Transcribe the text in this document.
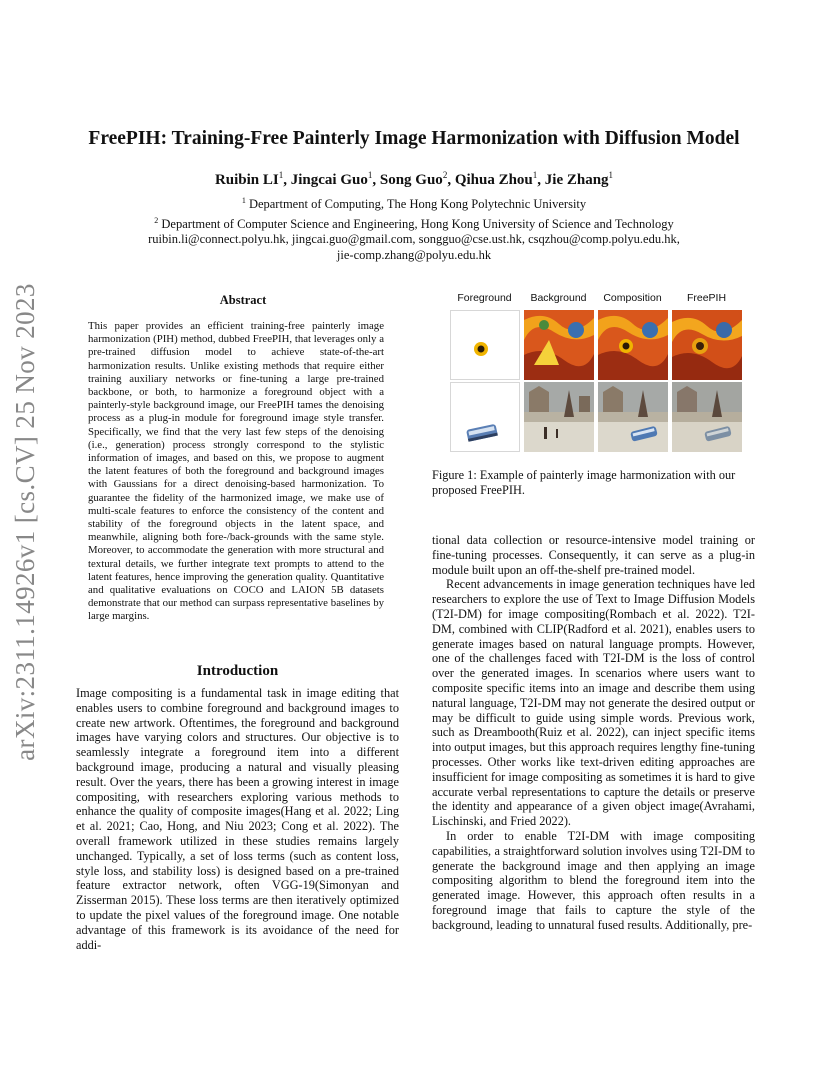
arXiv:2311.14926v1 [cs.CV] 25 Nov 2023
FreePIH: Training-Free Painterly Image Harmonization with Diffusion Model
Ruibin $LI^1$, Jingcai Guo$^1$, Song Guo$^2$, Qihua Zhou$^1$, Jie Zhang$^1$
$^1$ Department of Computing, The Hong Kong Polytechnic University
$^2$ Department of Computer Science and Engineering, Hong Kong University of Science and Technology
ruibin.li@connect.polyu.hk, jingcai.guo@gmail.com, songguo@cse.ust.hk, csqzhou@comp.polyu.edu.hk,
jie-comp.zhang@polyu.edu.hk
Abstract
This paper provides an efficient training-free painterly image harmonization (PIH) method, dubbed FreePIH, that leverages only a pre-trained diffusion model to achieve state-of-the-art harmonization results. Unlike existing methods that require either training auxiliary networks or fine-tuning a large pre-trained backbone, or both, to harmonize a foreground object with a painterly-style background image, our FreePIH tames the denoising process as a plug-in module for foreground image style transfer. Specifically, we find that the very last few steps of the denoising (i.e., generation) process strongly correspond to the stylistic information of images, and based on this, we propose to augment the latent features of both the foreground and background images with Gaussians for a direct denoising-based harmonization. To guarantee the fidelity of the harmonized image, we make use of multi-scale features to enforce the consistency of the content and stability of the foreground objects in the latent space, and meanwhile, aligning both fore-/back-grounds with the same style. Moreover, to accommodate the generation with more structural and textural details, we further integrate text prompts to attend to the latent features, hence improving the generation quality. Quantitative and qualitative evaluations on COCO and LAION 5B datasets demonstrate that our method can surpass representative baselines by large margins.
Introduction
Image compositing is a fundamental task in image editing that enables users to combine foreground and background images to create new artwork. Oftentimes, the foreground and background images have varying colors and structures. Our objective is to seamlessly integrate a foreground item into a different background image, producing a natural and visually pleasing result. Over the years, there has been a growing interest in image compositing, with researchers exploring various methods to enhance the quality of composite images(Hang et al. 2022; Ling et al. 2021; Cao, Hong, and Niu 2023; Cong et al. 2022). The overall framework utilized in these studies remains largely unchanged. Typically, a set of loss terms (such as content loss, style loss, and stability loss) is designed based on a pre-trained feature extractor network, often VGG-19(Simonyan and Zisserman 2015). These loss terms are then iteratively optimized to update the pixel values of the foreground image. One notable advantage of this framework is its avoidance of the need for addi-
Foreground	Background	Composition	FreePIH
Figure 1: Example of painterly image harmonization with our proposed FreePIH.

tional data collection or resource-intensive model training or fine-tuning processes. Consequently, it can serve as a plug-in module built upon an off-the-shelf pre-trained model.

Recent advancements in image generation techniques have led researchers to explore the use of Text to Image Diffusion Models (T2I-DM) for image compositing(Rombach et al. 2022). T2I-DM, combined with CLIP(Radford et al. 2021), enables users to generate images based on natural language prompts. However, one of the challenges faced with T2I-DM is the loss of control over the generated images. In scenarios where users want to composite specific items into an image and describe them using natural language, T2I-DM may not generate the desired output or may be difficult to guide using simple words. Previous work, such as Dreambooth(Ruiz et al. 2022), can inject specific items into output images, but this approach requires lengthy fine-tuning processes. Other works like text-driven editing approaches are insufficient for image compositing as sometimes it is hard to give accurate verbal representations to capture the details or preserve the identity and appearance of a given object image(Avrahami, Lischinski, and Fried 2022).

In order to enable T2I-DM with image compositing capabilities, a straightforward solution involves using T2I-DM to generate the background image and then applying an image compositing algorithm to blend the foreground item into the generated image. However, this approach often results in a foreground image that fails to capture the style of the background, leading to unnatural fused results. Additionally, pre-
